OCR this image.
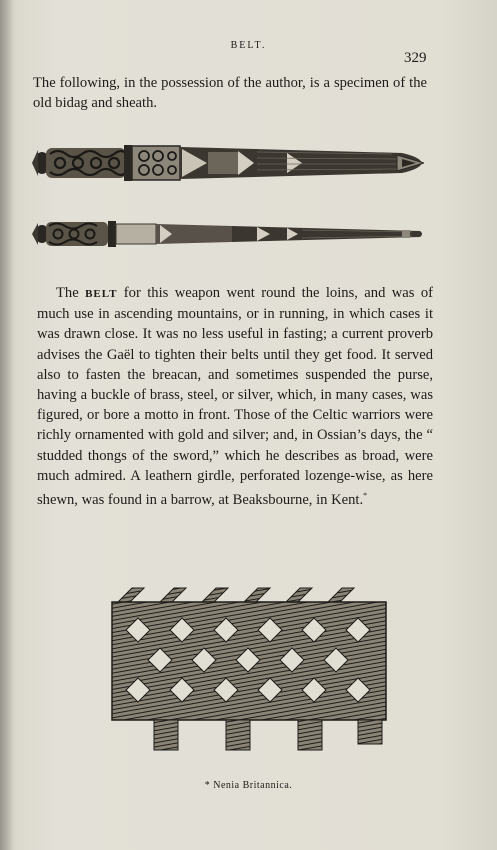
BELT.
329

The following, in the possession of the author, is a specimen of the old bidag and sheath.

The BELT for this weapon went round the loins, and was of much use in ascending mountains, or in running, in which cases it was drawn close. It was no less useful in fasting; a current proverb advises the Gaël to tighten their belts until they get food. It served also to fasten the breacan, and sometimes suspended the purse, having a buckle of brass, steel, or silver, which, in many cases, was figured, or bore a motto in front. Those of the Celtic warriors were richly ornamented with gold and silver; and, in Ossian’s days, the “ studded thongs of the sword,” which he describes as broad, were much admired. A leathern girdle, perforated lozenge-wise, as here shewn, was found in a barrow, at Beaksbourne, in Kent.*

* Nenia Britannica.
